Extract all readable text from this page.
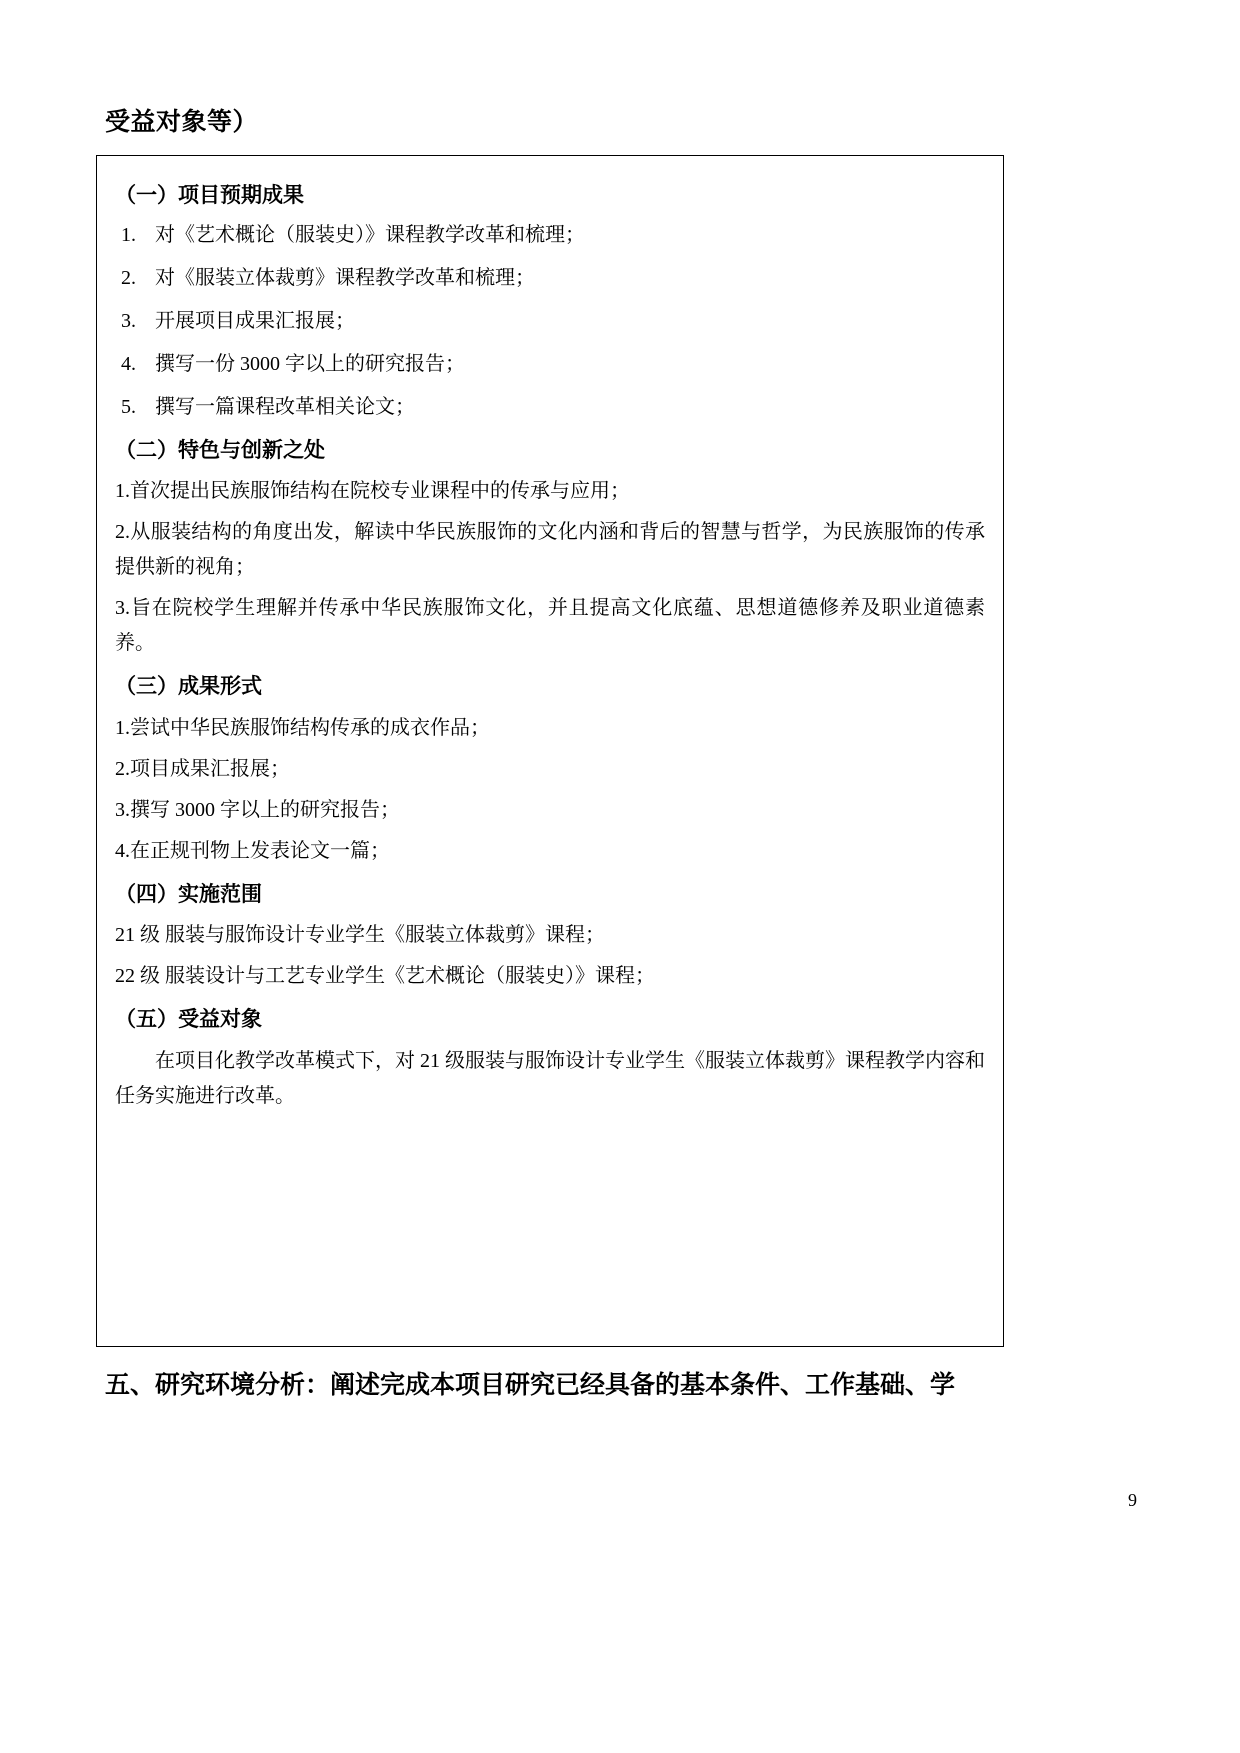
受益对象等）
（一）项目预期成果
1. 对《艺术概论（服装史）》课程教学改革和梳理；
2. 对《服装立体裁剪》课程教学改革和梳理；
3. 开展项目成果汇报展；
4. 撰写一份 3000 字以上的研究报告；
5. 撰写一篇课程改革相关论文；
（二）特色与创新之处
1.首次提出民族服饰结构在院校专业课程中的传承与应用；
2.从服装结构的角度出发，解读中华民族服饰的文化内涵和背后的智慧与哲学，为民族服饰的传承提供新的视角；
3.旨在院校学生理解并传承中华民族服饰文化，并且提高文化底蕴、思想道德修养及职业道德素养。
（三）成果形式
1.尝试中华民族服饰结构传承的成衣作品；
2.项目成果汇报展；
3.撰写 3000 字以上的研究报告；
4.在正规刊物上发表论文一篇；
（四）实施范围
21 级 服装与服饰设计专业学生《服装立体裁剪》课程；
22 级 服装设计与工艺专业学生《艺术概论（服装史）》课程；
（五）受益对象
在项目化教学改革模式下，对 21 级服装与服饰设计专业学生《服装立体裁剪》课程教学内容和任务实施进行改革。
五、研究环境分析：阐述完成本项目研究已经具备的基本条件、工作基础、学
9
